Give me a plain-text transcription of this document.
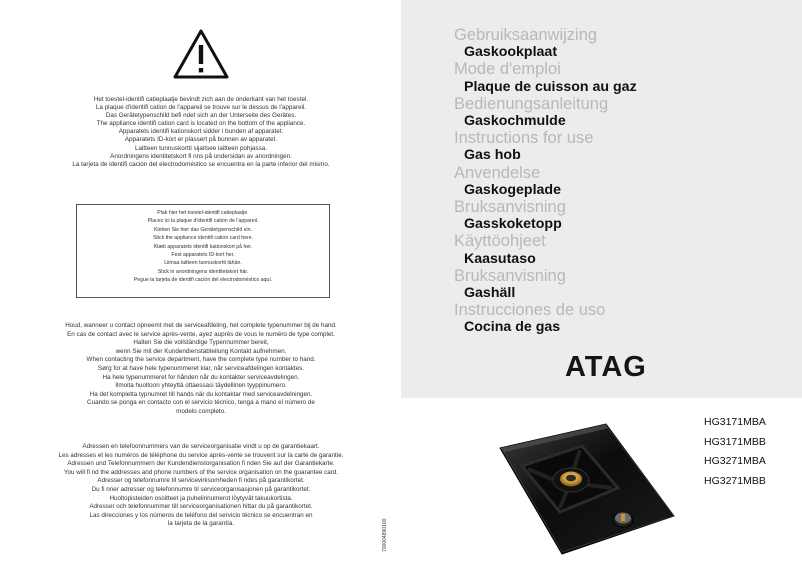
Het toestel-identifi catieplaatje bevindt zich aan de onderkant van het toestel.
La plaque d'identifi cation de l'appareil se trouve sur le dessus de l'appareil.
Das Gerätetypenschild befi ndet sich an der Unterseite des Gerätes.
The appliance identifi cation card is located on the bottom of the appliance.
Apparatets identifi kationskort sidder i bunden af apparatet.
Apparatets ID-kort er plassert på bunnen av apparatet.
Laitteen tunnuskortti sijaitsee laitteen pohjassa.
Anordningens identitetskort fi nns på undersidan av anordningen.
La tarjeta de identifi cación del electrodoméstico se encuentra en la parte inferior del mismo.
Plak hier het toestel-identifi catieplaatje.
Placez ici la plaque d'identifi cation de l'appareil.
Kleben Sie hier das Gerätetypenschild ein.
Stick the appliance identifi cation card here.
Klæb apparatets identifi kationskort på her.
Fest apparatets ID-kort her.
Liimaa laitteen tunnuskortti tähän.
Stick in anordningens identitetskort här.
Pegue la tarjeta de identifi cación del electrodoméstico aquí.
Houd, wanneer u contact opneemt met de serviceafdeling, het complete typenummer bij de hand.
En cas de contact avec le service après-vente, ayez auprès de vous le numéro de type complet.
Halten Sie die vollständige Typennummer bereit,
wenn Sie mit der Kundendienstabteilung Kontakt aufnehmen.
When contacting the service department, have the complete type number to hand.
Sørg for at have hele typenummeret klar, når serviceafdelingen kontaktes.
Ha hele typenummeret for hånden når du kontakter serviceavdelingen.
Ilmoita huoltoon yhteyttä ottaessasi täydellinen tyyppinumero.
Ha det kompletta typnumret till hands när du kontaktar med serviceavdelningen.
Cuando se ponga en contacto con el servicio técnico, tenga a mano el número de
modelo completo.
Adressen en telefoonnummers van de serviceorganisatie vindt u op de garantiekaart.
Les adresses et les numéros de téléphone du service après-vente se trouvent sur la carte de garantie.
Adressen und Telefonnummern der Kundendienstorganisation fi nden Sie auf der Garantiekarte.
You will fi nd the addresses and phone numbers of the service organisation on the guarantee card.
Adresser og telefonnumre til servicevirksomheden fi ndes på garantikortet.
Du fi nner adresser og telefonnumre til serviceorganisasjonen på garantikortet.
Huoltopisteiden osoitteet ja puhelinnumerot löytyvät takuukortista.
Adresser och telefonnummer till serviceorganisationen hittar du på garantikortet.
Las direcciones y los números de teléfono del servicio técnico se encuentran en
la tarjeta de la garantía.	700004890100
Gebruiksaanwijzing
Gaskookplaat
Mode d'emploi
Plaque de cuisson au gaz
Bedienungsanleitung
Gaskochmulde
Instructions for use
Gas hob
Anvendelse
Gaskogeplade
Bruksanvisning
Gasskoketopp
Käyttöohjeet
Kaasutaso
Bruksanvisning
Gashäll
Instrucciones de uso
Cocina de gas
ATAG
HG3171MBA
HG3171MBB
HG3271MBA
HG3271MBB
